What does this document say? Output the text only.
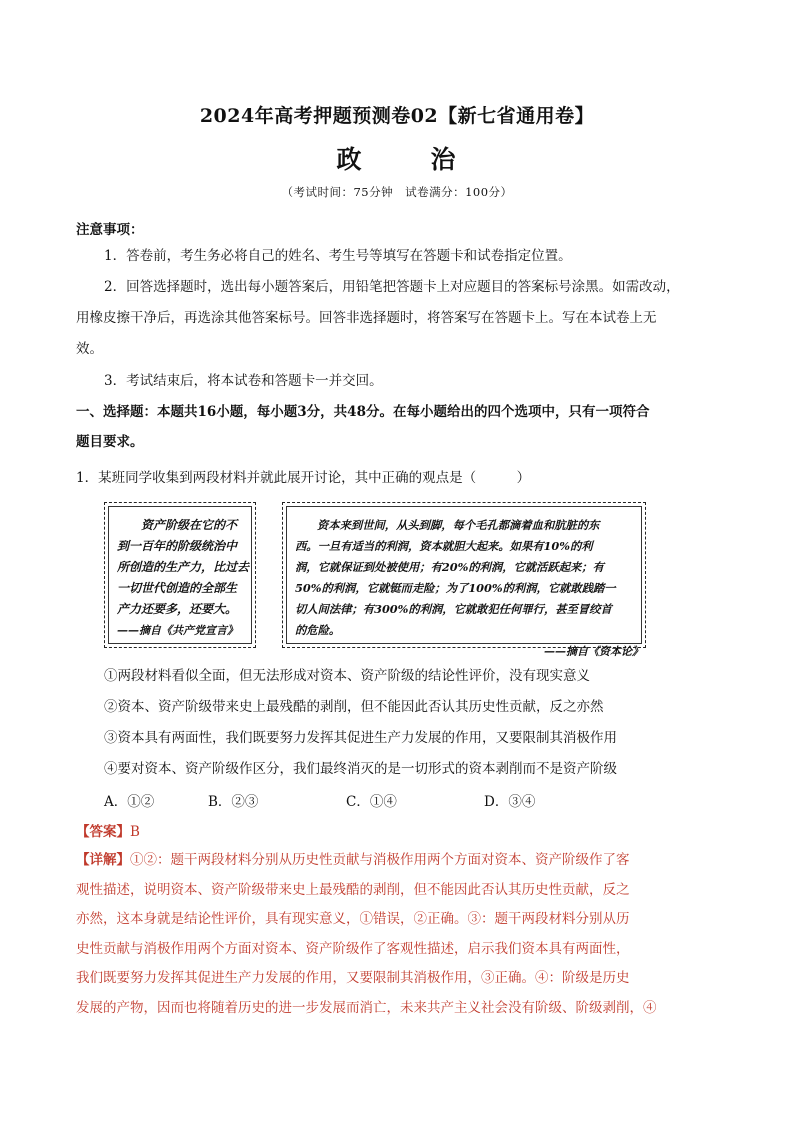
2024年高考押题预测卷02【新七省通用卷】
政　治
（考试时间：75分钟　试卷满分：100分）
注意事项：
1．答卷前，考生务必将自己的姓名、考生号等填写在答题卡和试卷指定位置。
2．回答选择题时，选出每小题答案后，用铅笔把答题卡上对应题目的答案标号涂黑。如需改动，
用橡皮擦干净后，再选涂其他答案标号。回答非选择题时，将答案写在答题卡上。写在本试卷上无
效。
3．考试结束后，将本试卷和答题卡一并交回。
一、选择题：本题共16小题，每小题3分，共48分。在每小题给出的四个选项中，只有一项符合
题目要求。
1．某班同学收集到两段材料并就此展开讨论，其中正确的观点是（　　　）
资产阶级在它的不
到一百年的阶级统治中
所创造的生产力，比过去
一切世代创造的全部生
产力还要多，还要大。
——摘自《共产党宣言》
资本来到世间，从头到脚，每个毛孔都滴着血和肮脏的东
西。一旦有适当的利润，资本就胆大起来。如果有10%的利
润，它就保证到处被使用；有20%的利润，它就活跃起来；有
50%的利润，它就铤而走险；为了100%的利润，它就敢践踏一
切人间法律；有300%的利润，它就敢犯任何罪行，甚至冒绞首
的危险。
——摘自《资本论》
①两段材料看似全面，但无法形成对资本、资产阶级的结论性评价，没有现实意义
②资本、资产阶级带来史上最残酷的剥削，但不能因此否认其历史性贡献，反之亦然
③资本具有两面性，我们既要努力发挥其促进生产力发展的作用，又要限制其消极作用
④要对资本、资产阶级作区分，我们最终消灭的是一切形式的资本剥削而不是资产阶级
A．①②	B．②③	C．①④	D．③④
【答案】B
【详解】①②：题干两段材料分别从历史性贡献与消极作用两个方面对资本、资产阶级作了客
观性描述，说明资本、资产阶级带来史上最残酷的剥削，但不能因此否认其历史性贡献，反之
亦然，这本身就是结论性评价，具有现实意义，①错误，②正确。③：题干两段材料分别从历
史性贡献与消极作用两个方面对资本、资产阶级作了客观性描述，启示我们资本具有两面性，
我们既要努力发挥其促进生产力发展的作用，又要限制其消极作用，③正确。④：阶级是历史
发展的产物，因而也将随着历史的进一步发展而消亡，未来共产主义社会没有阶级、阶级剥削，④
